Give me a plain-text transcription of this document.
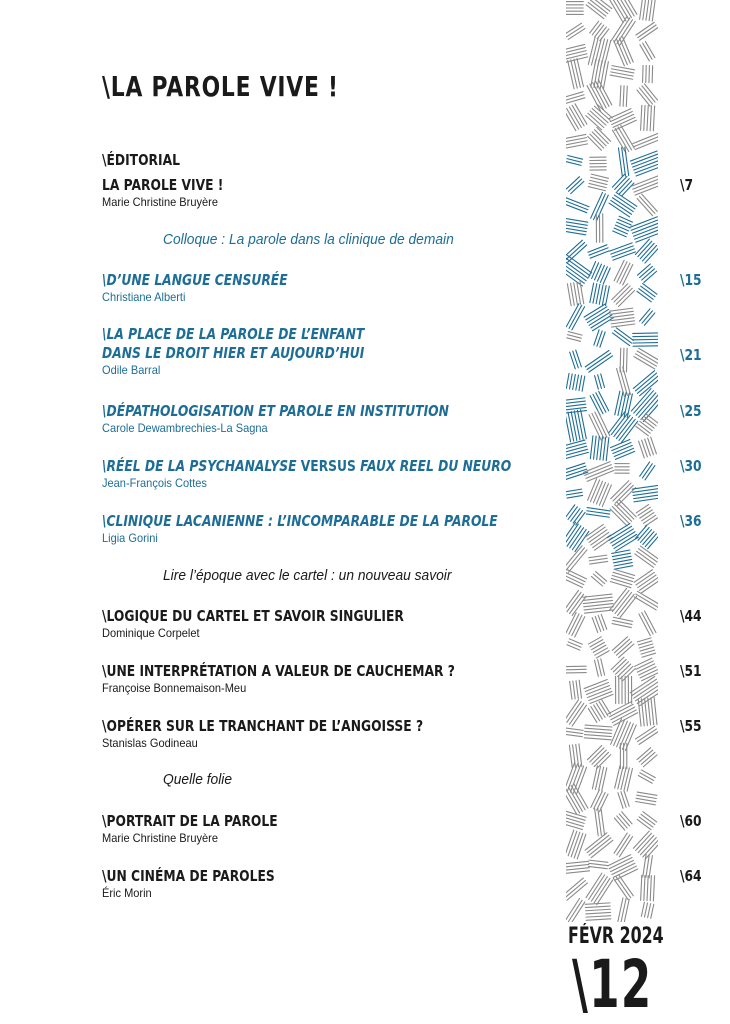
\LA PAROLE VIVE !
\ÉDITORIAL
LA PAROLE VIVE !
Marie Christine Bruyère
\7
Colloque : La parole dans la clinique de demain
\D’UNE LANGUE CENSURÉE
Christiane Alberti
\15
\LA PLACE DE LA PAROLE DE L’ENFANT
DANS LE DROIT HIER ET AUJOURD’HUI
Odile Barral
\21
\DÉPATHOLOGISATION ET PAROLE EN INSTITUTION
Carole Dewambrechies-La Sagna
\25
\RÉEL DE LA PSYCHANALYSE VERSUS FAUX REEL DU NEURO
Jean-François Cottes
\30
\CLINIQUE LACANIENNE : L’INCOMPARABLE DE LA PAROLE
Ligia Gorini
\36
Lire l’époque avec le cartel : un nouveau savoir
\LOGIQUE DU CARTEL ET SAVOIR SINGULIER
Dominique Corpelet
\44
\UNE INTERPRÉTATION A VALEUR DE CAUCHEMAR ?
Françoise Bonnemaison-Meu
\51
\OPÉRER SUR LE TRANCHANT DE L’ANGOISSE ?
Stanislas Godineau
\55
Quelle folie
\PORTRAIT DE LA PAROLE
Marie Christine Bruyère
\60
\UN CINÉMA DE PAROLES
Éric Morin
\64
FÉVR 2024
\12
